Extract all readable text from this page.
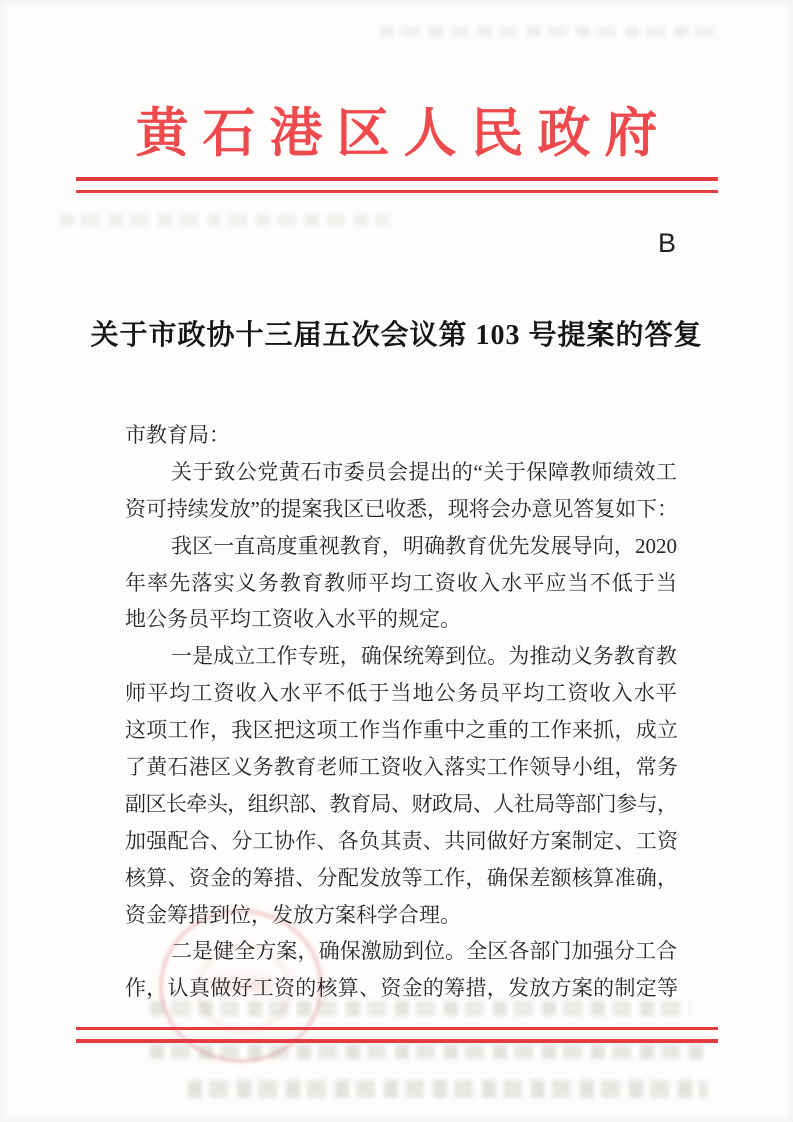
黄石港区人民政府
B
关于市政协十三届五次会议第 103 号提案的答复
市教育局：
关于致公党黄石市委员会提出的“关于保障教师绩效工
资可持续发放”的提案我区已收悉，现将会办意见答复如下：
我区一直高度重视教育，明确教育优先发展导向，2020
年率先落实义务教育教师平均工资收入水平应当不低于当
地公务员平均工资收入水平的规定。
一是成立工作专班，确保统筹到位。为推动义务教育教
师平均工资收入水平不低于当地公务员平均工资收入水平
这项工作，我区把这项工作当作重中之重的工作来抓，成立
了黄石港区义务教育老师工资收入落实工作领导小组，常务
副区长牵头，组织部、教育局、财政局、人社局等部门参与，
加强配合、分工协作、各负其责、共同做好方案制定、工资
核算、资金的筹措、分配发放等工作，确保差额核算准确，
资金筹措到位，发放方案科学合理。
二是健全方案，确保激励到位。全区各部门加强分工合
作，认真做好工资的核算、资金的筹措，发放方案的制定等
